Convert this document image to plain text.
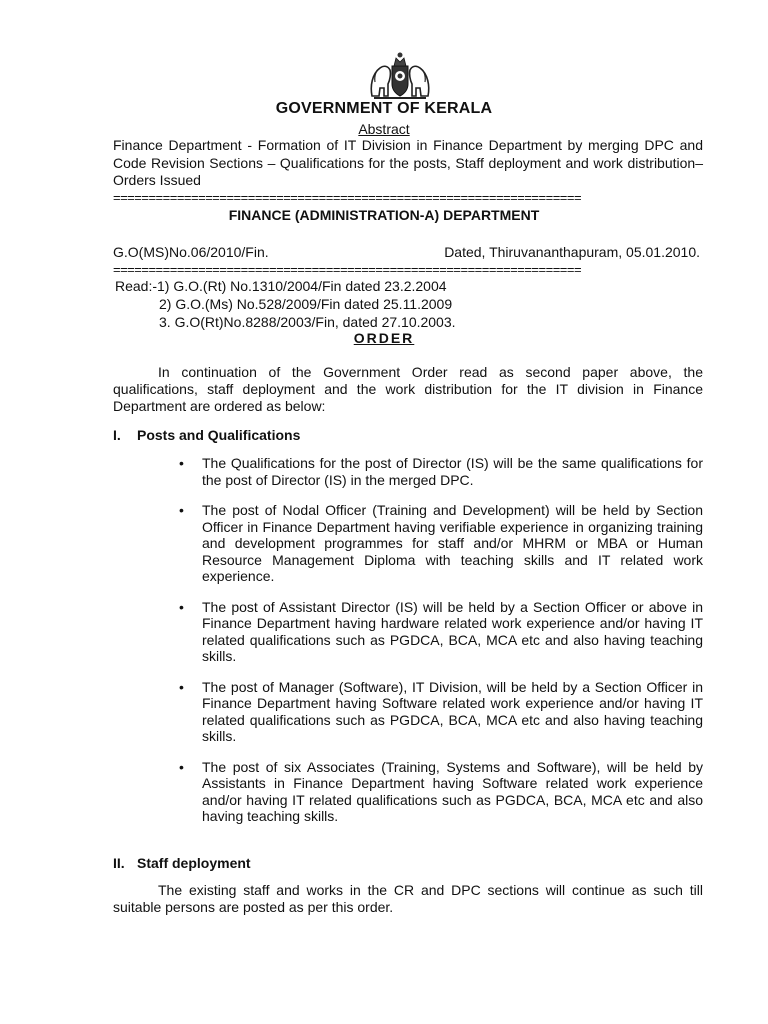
GOVERNMENT OF KERALA
Abstract
Finance Department - Formation of IT Division in Finance Department by merging DPC and Code Revision Sections – Qualifications for the posts, Staff deployment and work distribution– Orders Issued
==================================================================
FINANCE (ADMINISTRATION-A) DEPARTMENT
G.O(MS)No.06/2010/Fin.	Dated, Thiruvananthapuram, 05.01.2010.
==================================================================
Read:-1) G.O.(Rt) No.1310/2004/Fin dated 23.2.2004
2) G.O.(Ms) No.528/2009/Fin dated 25.11.2009
3. G.O(Rt)No.8288/2003/Fin, dated 27.10.2003.
ORDER
In continuation of the Government Order read as second paper above, the qualifications, staff deployment and the work distribution for the IT division in Finance Department are ordered as below:
I. Posts and Qualifications
• The Qualifications for the post of Director (IS) will be the same qualifications for the post of Director (IS) in the merged DPC.
• The post of Nodal Officer (Training and Development) will be held by Section Officer in Finance Department having verifiable experience in organizing training and development programmes for staff and/or MHRM or MBA or Human Resource Management Diploma with teaching skills and IT related work experience.
• The post of Assistant Director (IS) will be held by a Section Officer or above in Finance Department having hardware related work experience and/or having IT related qualifications such as PGDCA, BCA, MCA etc and also having teaching skills.
• The post of Manager (Software), IT Division, will be held by a Section Officer in Finance Department having Software related work experience and/or having IT related qualifications such as PGDCA, BCA, MCA etc and also having teaching skills.
• The post of six Associates (Training, Systems and Software), will be held by Assistants in Finance Department having Software related work experience and/or having IT related qualifications such as PGDCA, BCA, MCA etc and also having teaching skills.
II. Staff deployment
The existing staff and works in the CR and DPC sections will continue as such till suitable persons are posted as per this order.
